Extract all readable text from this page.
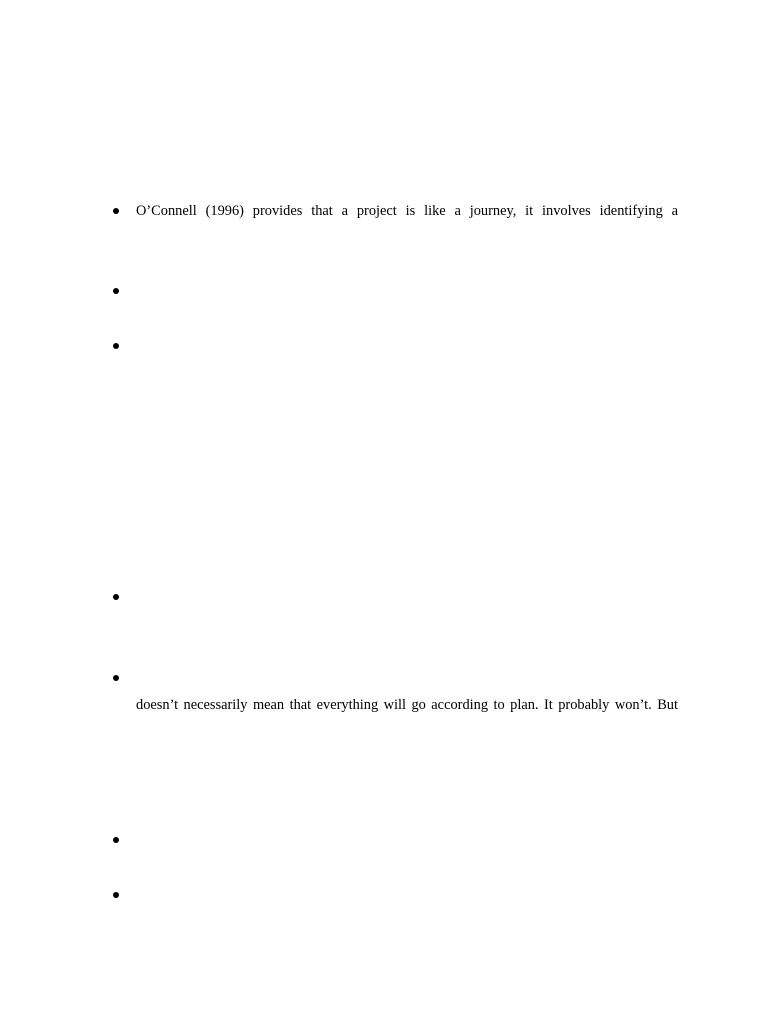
O’Connell (1996) provides that a project is like a journey, it involves identifying a
doesn’t necessarily mean that everything will go according to plan. It probably won’t. But
